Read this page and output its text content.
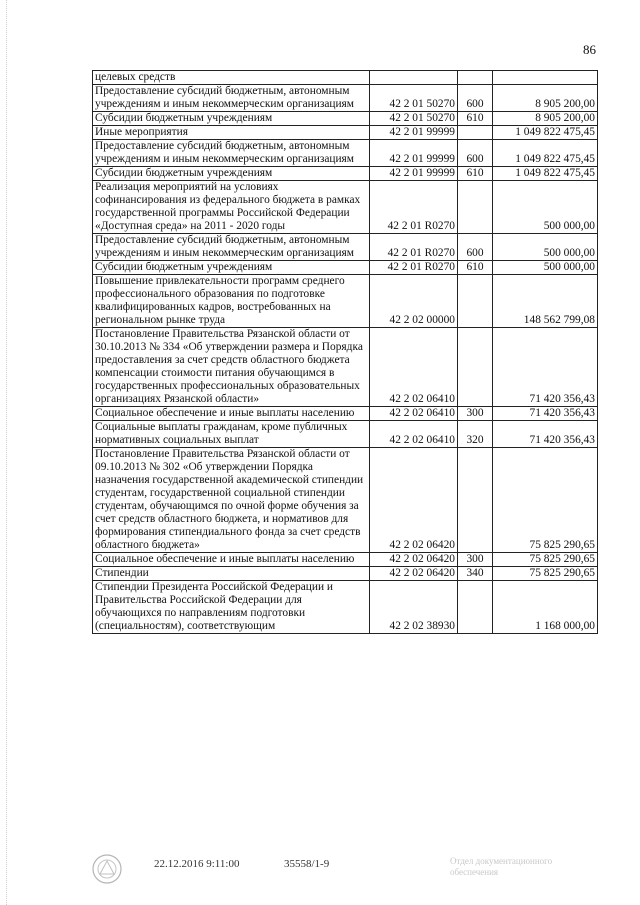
86
целевых средств			
Предоставление субсидий бюджетным, автономным учреждениям и иным некоммерческим организациям	42 2 01 50270	600	8 905 200,00
Субсидии бюджетным учреждениям	42 2 01 50270	610	8 905 200,00
Иные мероприятия	42 2 01 99999		1 049 822 475,45
Предоставление субсидий бюджетным, автономным учреждениям и иным некоммерческим организациям	42 2 01 99999	600	1 049 822 475,45
Субсидии бюджетным учреждениям	42 2 01 99999	610	1 049 822 475,45
Реализация мероприятий на условиях софинансирования из федерального бюджета в рамках государственной программы Российской Федерации «Доступная среда» на 2011 - 2020 годы	42 2 01 R0270		500 000,00
Предоставление субсидий бюджетным, автономным учреждениям и иным некоммерческим организациям	42 2 01 R0270	600	500 000,00
Субсидии бюджетным учреждениям	42 2 01 R0270	610	500 000,00
Повышение привлекательности программ среднего профессионального образования по подготовке квалифицированных кадров, востребованных на региональном рынке труда	42 2 02 00000		148 562 799,08
Постановление Правительства Рязанской области от 30.10.2013 № 334 «Об утверждении размера и Порядка предоставления за счет средств областного бюджета компенсации стоимости питания обучающимся в государственных профессиональных образовательных организациях Рязанской области»	42 2 02 06410		71 420 356,43
Социальное обеспечение и иные выплаты населению	42 2 02 06410	300	71 420 356,43
Социальные выплаты гражданам, кроме публичных нормативных социальных выплат	42 2 02 06410	320	71 420 356,43
Постановление Правительства Рязанской области от 09.10.2013 № 302 «Об утверждении Порядка назначения государственной академической стипендии студентам, государственной социальной стипендии студентам, обучающимся по очной форме обучения за счет средств областного бюджета, и нормативов для формирования стипендиального фонда за счет средств областного бюджета»	42 2 02 06420		75 825 290,65
Социальное обеспечение и иные выплаты населению	42 2 02 06420	300	75 825 290,65
Стипендии	42 2 02 06420	340	75 825 290,65
Стипендии Президента Российской Федерации и Правительства Российской Федерации для обучающихся по направлениям подготовки (специальностям), соответствующим	42 2 02 38930		1 168 000,00
22.12.2016 9:11:00	35558/1-9	Отдел документационного
обеспечения
